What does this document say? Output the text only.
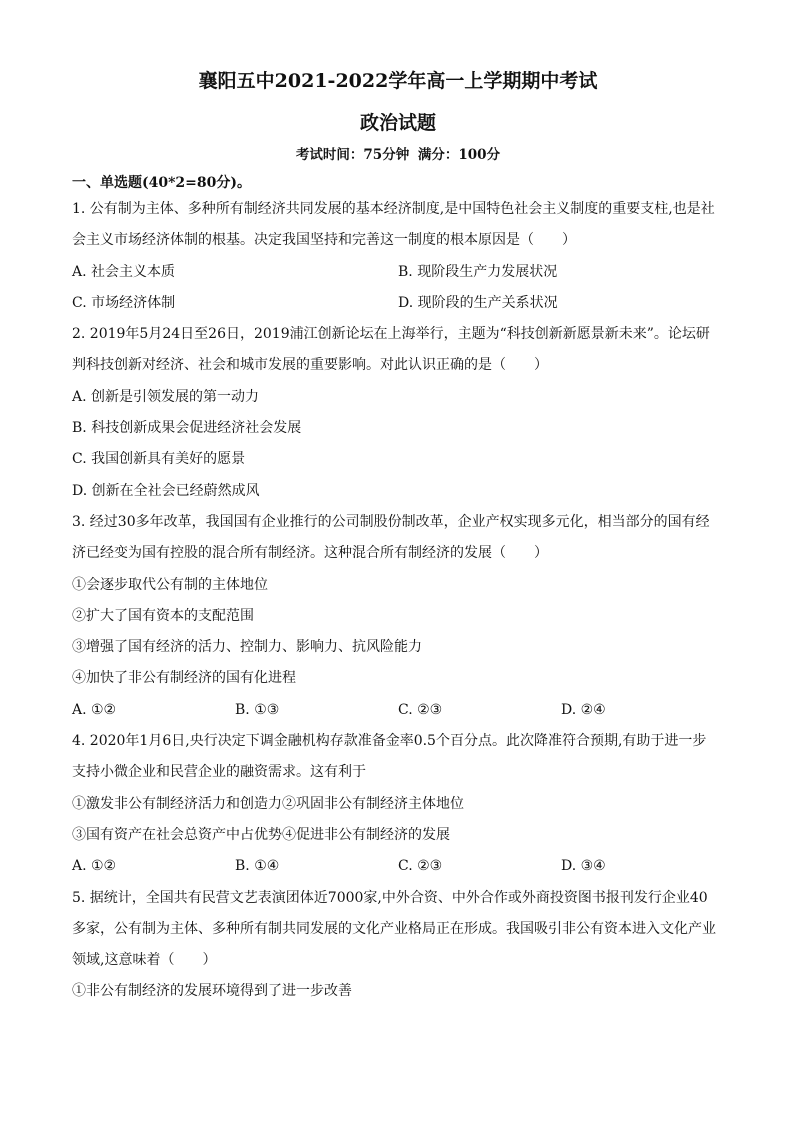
襄阳五中2021-2022学年高一上学期期中考试
政治试题

考试时间：75分钟 满分：100分

一、单选题(40*2=80分)。

1. 公有制为主体、多种所有制经济共同发展的基本经济制度,是中国特色社会主义制度的重要支柱,也是社

会主义市场经济体制的根基。决定我国坚持和完善这一制度的根本原因是（　　）

A. 社会主义本质	B. 现阶段生产力发展状况
C. 市场经济体制	D. 现阶段的生产关系状况

2. 2019年5月24日至26日，2019浦江创新论坛在上海举行，主题为“科技创新新愿景新未来”。论坛研

判科技创新对经济、社会和城市发展的重要影响。对此认识正确的是（　　）

A. 创新是引领发展的第一动力

B. 科技创新成果会促进经济社会发展

C. 我国创新具有美好的愿景

D. 创新在全社会已经蔚然成风

3. 经过30多年改革，我国国有企业推行的公司制股份制改革，企业产权实现多元化，相当部分的国有经

济已经变为国有控股的混合所有制经济。这种混合所有制经济的发展（　　）

①会逐步取代公有制的主体地位

②扩大了国有资本的支配范围

③增强了国有经济的活力、控制力、影响力、抗风险能力

④加快了非公有制经济的国有化进程

A. ①②	B. ①③	C. ②③	D. ②④

4. 2020年1月6日,央行决定下调金融机构存款准备金率0.5个百分点。此次降准符合预期,有助于进一步

支持小微企业和民营企业的融资需求。这有利于

①激发非公有制经济活力和创造力②巩固非公有制经济主体地位

③国有资产在社会总资产中占优势④促进非公有制经济的发展

A. ①②	B. ①④	C. ②③	D. ③④

5. 据统计，全国共有民营文艺表演团体近7000家,中外合资、中外合作或外商投资图书报刊发行企业40

多家，公有制为主体、多种所有制共同发展的文化产业格局正在形成。我国吸引非公有资本进入文化产业

领域,这意味着（　　）

①非公有制经济的发展环境得到了进一步改善
